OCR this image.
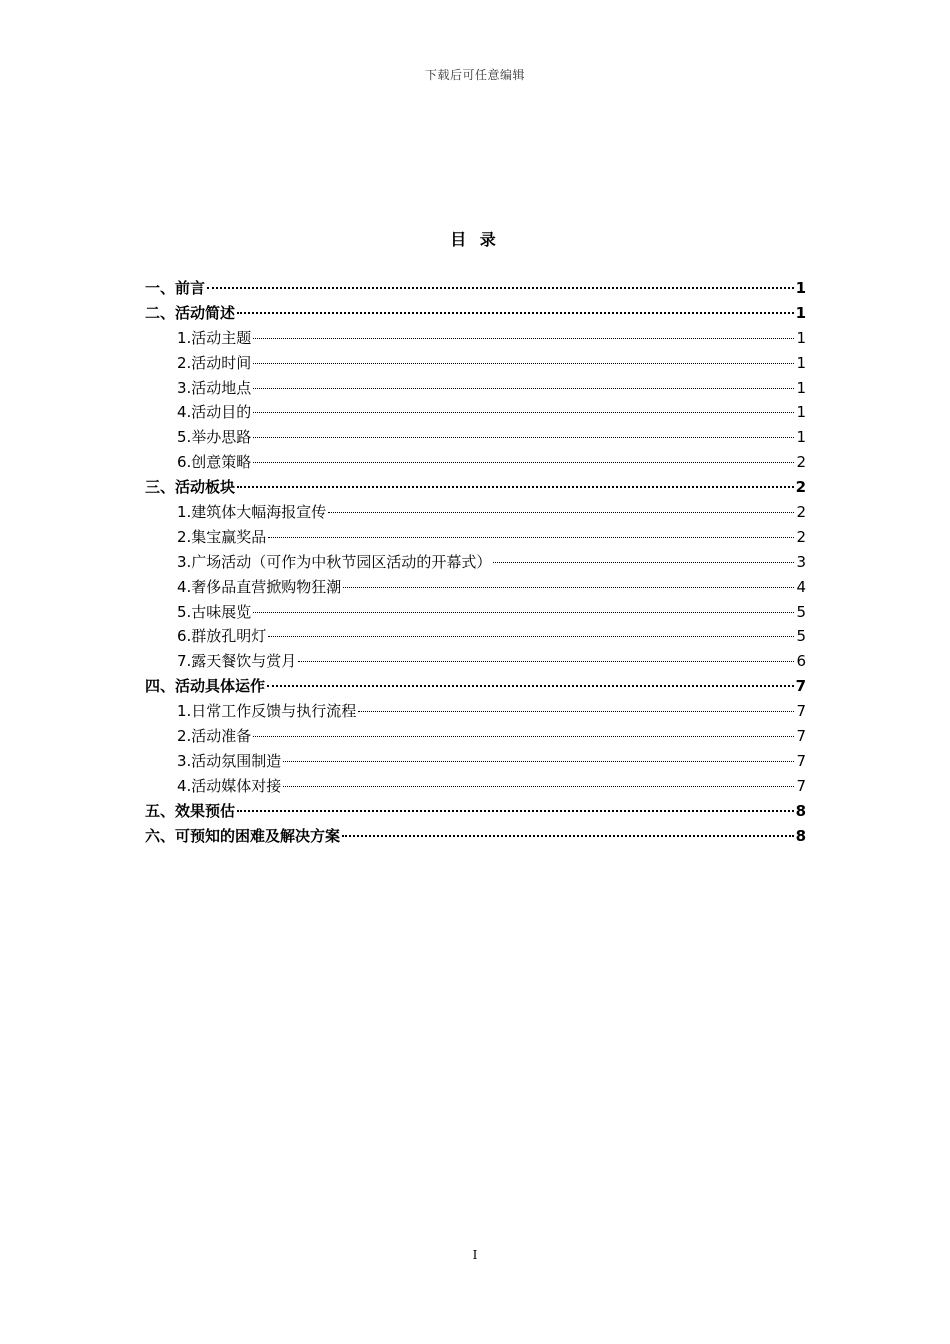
下载后可任意编辑
目 录
一、前言	1
二、活动简述	1
1.活动主题	1
2.活动时间	1
3.活动地点	1
4.活动目的	1
5.举办思路	1
6.创意策略	2
三、活动板块	2
1.建筑体大幅海报宣传	2
2.集宝赢奖品	2
3.广场活动（可作为中秋节园区活动的开幕式）	3
4.奢侈品直营掀购物狂潮	4
5.古味展览	5
6.群放孔明灯	5
7.露天餐饮与赏月	6
四、活动具体运作	7
1.日常工作反馈与执行流程	7
2.活动准备	7
3.活动氛围制造	7
4.活动媒体对接	7
五、效果预估	8
六、可预知的困难及解决方案	8
I
